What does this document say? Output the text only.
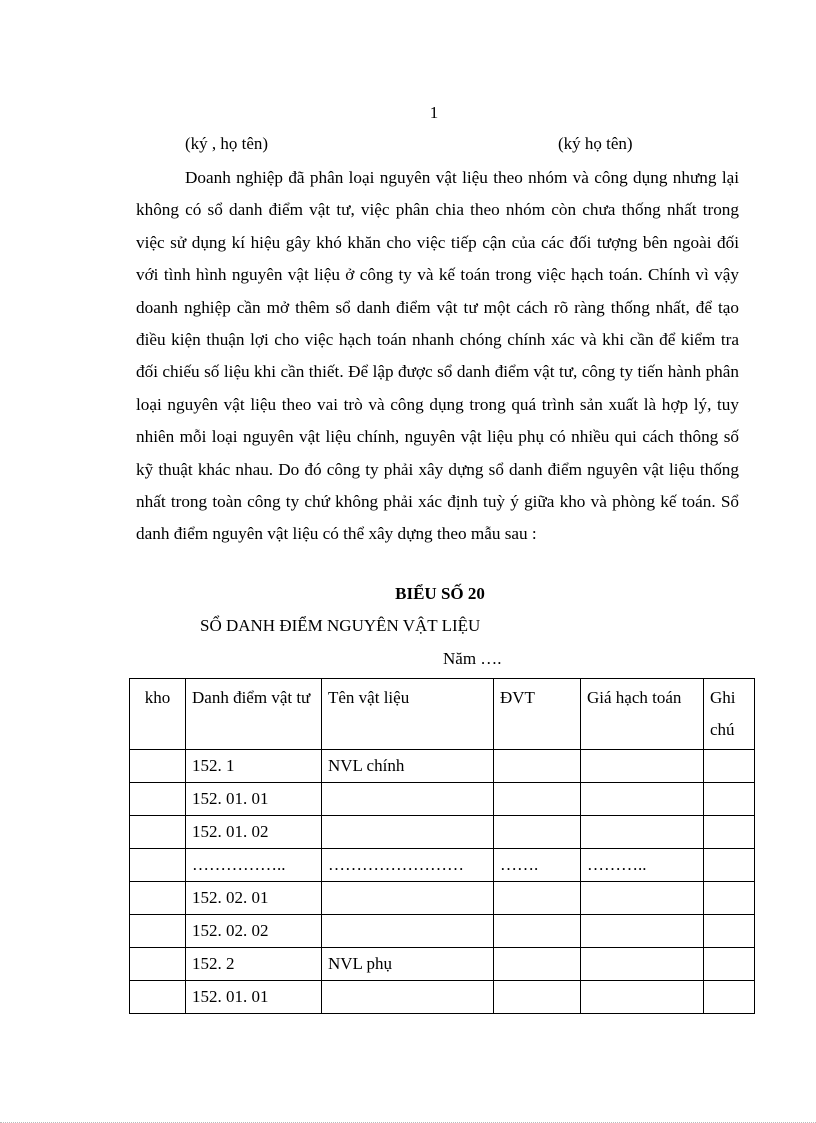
1
(ký , họ tên)	(ký họ tên)

Doanh nghiệp đã phân loại nguyên vật liệu theo nhóm và công dụng nhưng lại không có sổ danh điểm vật tư, việc phân chia theo nhóm còn chưa thống nhất trong việc sử dụng kí hiệu gây khó khăn cho việc tiếp cận của các đối tượng bên ngoài đối với tình hình nguyên vật liệu ở công ty và kế toán trong việc hạch toán. Chính vì vậy doanh nghiệp cần mở thêm sổ danh điểm vật tư một cách rõ ràng thống nhất, để tạo điều kiện thuận lợi cho việc hạch toán nhanh chóng chính xác và khi cần để kiểm tra đối chiếu số liệu khi cần thiết. Để lập được sổ danh điểm vật tư, công ty tiến hành phân loại nguyên vật liệu theo vai trò và công dụng trong quá trình sản xuất là hợp lý, tuy nhiên mỗi loại nguyên vật liệu chính, nguyên vật liệu phụ có nhiều qui cách thông số kỹ thuật khác nhau. Do đó công ty phải xây dựng sổ danh điểm nguyên vật liệu thống nhất trong toàn công ty chứ không phải xác định tuỳ ý giữa kho và phòng kế toán. Sổ danh điểm nguyên vật liệu có thể xây dựng theo mẫu sau :

BIỂU SỐ 20
SỔ DANH ĐIỂM NGUYÊN VẬT LIỆU
Năm ….
kho	Danh điểm vật tư	Tên vật liệu	ĐVT	Giá hạch toán	Ghi chú
	152. 1	NVL chính			
	152. 01. 01				
	152. 01. 02				
	……………..	……………………	…….	………..	
	152. 02. 01				
	152. 02. 02				
	152. 2	NVL phụ			
	152. 01. 01				
